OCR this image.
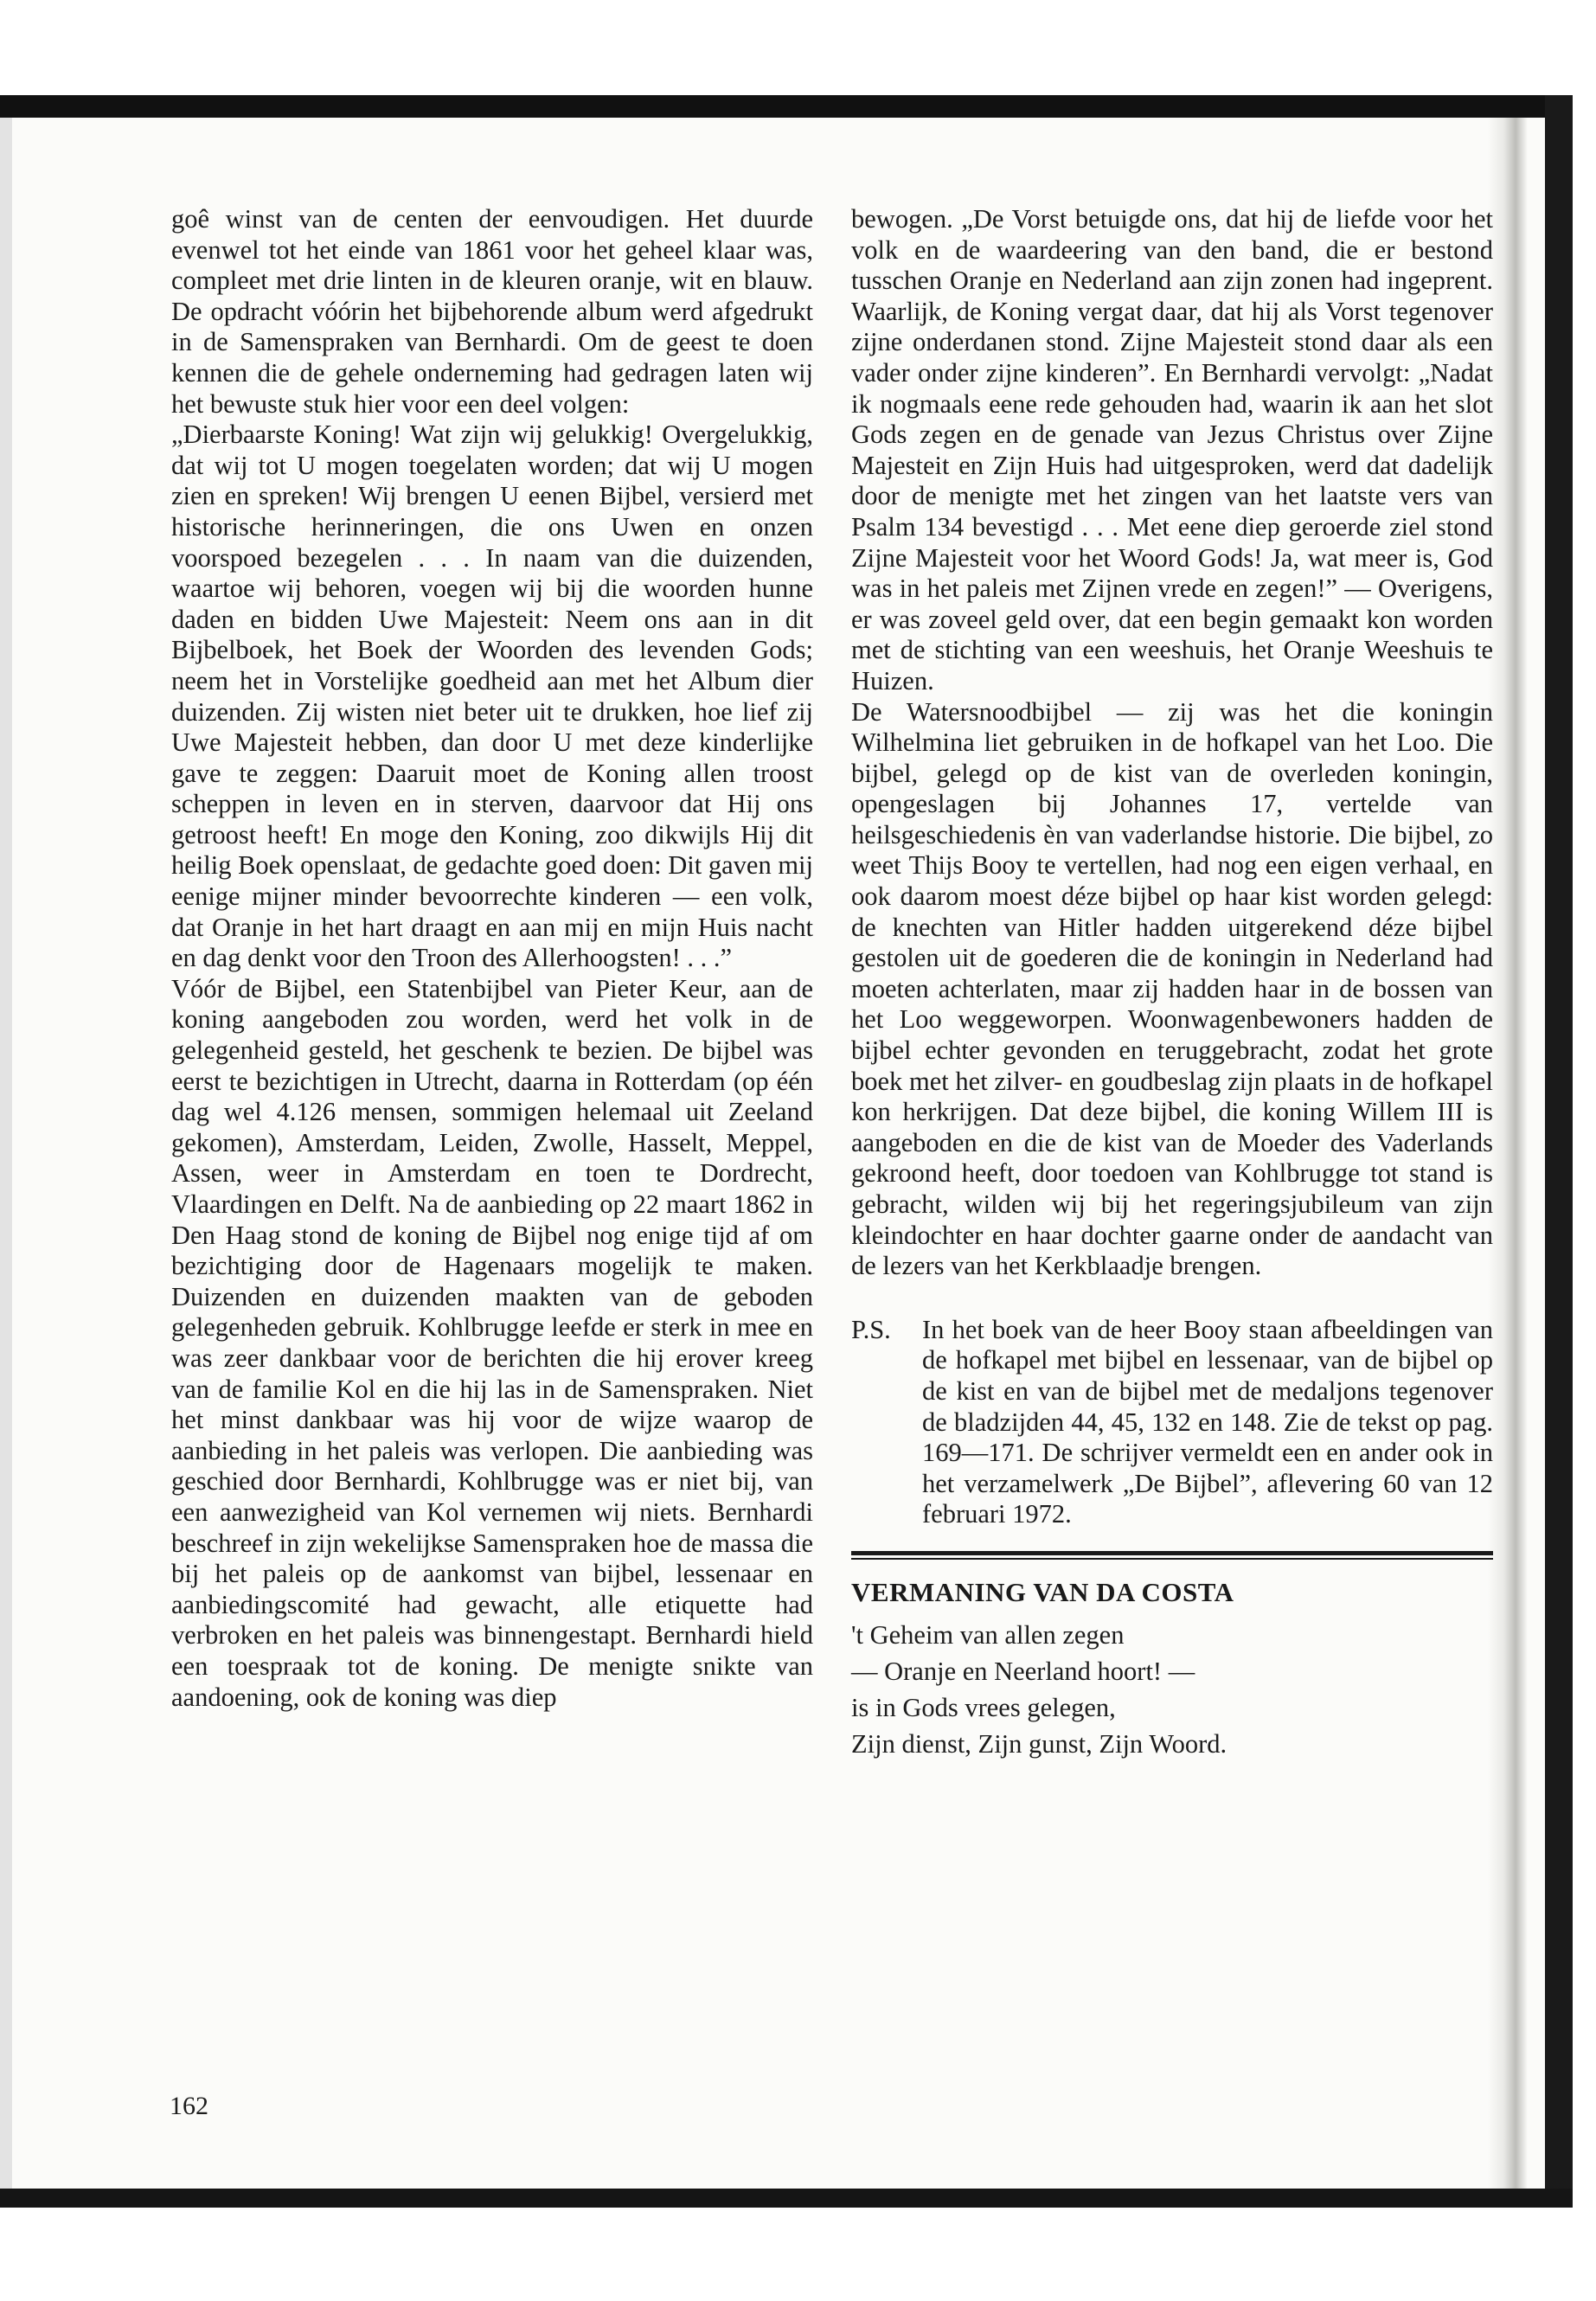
goê winst van de centen der eenvoudigen. Het duurde evenwel tot het einde van 1861 voor het geheel klaar was, compleet met drie linten in de kleuren oranje, wit en blauw. De opdracht vóórin het bijbehorende album werd afgedrukt in de Samenspraken van Bernhardi. Om de geest te doen kennen die de gehele onderneming had gedragen laten wij het bewuste stuk hier voor een deel volgen:

„Dierbaarste Koning! Wat zijn wij gelukkig! Overgelukkig, dat wij tot U mogen toegelaten worden; dat wij U mogen zien en spreken! Wij brengen U eenen Bijbel, versierd met historische herinneringen, die ons Uwen en onzen voorspoed bezegelen . . . In naam van die duizenden, waartoe wij behoren, voegen wij bij die woorden hunne daden en bidden Uwe Majesteit: Neem ons aan in dit Bijbelboek, het Boek der Woorden des levenden Gods; neem het in Vorstelijke goedheid aan met het Album dier duizenden. Zij wisten niet beter uit te drukken, hoe lief zij Uwe Majesteit hebben, dan door U met deze kinderlijke gave te zeggen: Daaruit moet de Koning allen troost scheppen in leven en in sterven, daarvoor dat Hij ons getroost heeft! En moge den Koning, zoo dikwijls Hij dit heilig Boek openslaat, de gedachte goed doen: Dit gaven mij eenige mijner minder bevoorrechte kinderen — een volk, dat Oranje in het hart draagt en aan mij en mijn Huis nacht en dag denkt voor den Troon des Allerhoogsten! . . .”

Vóór de Bijbel, een Statenbijbel van Pieter Keur, aan de koning aangeboden zou worden, werd het volk in de gelegenheid gesteld, het geschenk te bezien. De bijbel was eerst te bezichtigen in Utrecht, daarna in Rotterdam (op één dag wel 4.126 mensen, sommigen helemaal uit Zeeland gekomen), Amsterdam, Leiden, Zwolle, Hasselt, Meppel, Assen, weer in Amsterdam en toen te Dordrecht, Vlaardingen en Delft. Na de aanbieding op 22 maart 1862 in Den Haag stond de koning de Bijbel nog enige tijd af om bezichtiging door de Hagenaars mogelijk te maken. Duizenden en duizenden maakten van de geboden gelegenheden gebruik. Kohlbrugge leefde er sterk in mee en was zeer dankbaar voor de berichten die hij erover kreeg van de familie Kol en die hij las in de Samenspraken. Niet het minst dankbaar was hij voor de wijze waarop de aanbieding in het paleis was verlopen. Die aanbieding was geschied door Bernhardi, Kohlbrugge was er niet bij, van een aanwezigheid van Kol vernemen wij niets. Bernhardi beschreef in zijn wekelijkse Samenspraken hoe de massa die bij het paleis op de aankomst van bijbel, lessenaar en aanbiedingscomité had gewacht, alle etiquette had verbroken en het paleis was binnengestapt. Bernhardi hield een toespraak tot de koning. De menigte snikte van aandoening, ook de koning was diep

bewogen. „De Vorst betuigde ons, dat hij de liefde voor het volk en de waardeering van den band, die er bestond tusschen Oranje en Nederland aan zijn zonen had ingeprent. Waarlijk, de Koning vergat daar, dat hij als Vorst tegenover zijne onderdanen stond. Zijne Majesteit stond daar als een vader onder zijne kinderen”. En Bernhardi vervolgt: „Nadat ik nogmaals eene rede gehouden had, waarin ik aan het slot Gods zegen en de genade van Jezus Christus over Zijne Majesteit en Zijn Huis had uitgesproken, werd dat dadelijk door de menigte met het zingen van het laatste vers van Psalm 134 bevestigd . . . Met eene diep geroerde ziel stond Zijne Majesteit voor het Woord Gods! Ja, wat meer is, God was in het paleis met Zijnen vrede en zegen!” — Overigens, er was zoveel geld over, dat een begin gemaakt kon worden met de stichting van een weeshuis, het Oranje Weeshuis te Huizen.

De Watersnoodbijbel — zij was het die koningin Wilhelmina liet gebruiken in de hofkapel van het Loo. Die bijbel, gelegd op de kist van de overleden koningin, opengeslagen bij Johannes 17, vertelde van heilsgeschiedenis èn van vaderlandse historie. Die bijbel, zo weet Thijs Booy te vertellen, had nog een eigen verhaal, en ook daarom moest déze bijbel op haar kist worden gelegd: de knechten van Hitler hadden uitgerekend déze bijbel gestolen uit de goederen die de koningin in Nederland had moeten achterlaten, maar zij hadden haar in de bossen van het Loo weggeworpen. Woonwagenbewoners hadden de bijbel echter gevonden en teruggebracht, zodat het grote boek met het zilver- en goudbeslag zijn plaats in de hofkapel kon herkrijgen. Dat deze bijbel, die koning Willem III is aangeboden en die de kist van de Moeder des Vaderlands gekroond heeft, door toedoen van Kohlbrugge tot stand is gebracht, wilden wij bij het regeringsjubileum van zijn kleindochter en haar dochter gaarne onder de aandacht van de lezers van het Kerkblaadje brengen.

P.S.	In het boek van de heer Booy staan afbeeldingen van de hofkapel met bijbel en lessenaar, van de bijbel op de kist en van de bijbel met de medaljons tegenover de bladzijden 44, 45, 132 en 148. Zie de tekst op pag. 169—171. De schrijver vermeldt een en ander ook in het verzamelwerk „De Bijbel”, aflevering 60 van 12 februari 1972.
VERMANING VAN DA COSTA
't Geheim van allen zegen
— Oranje en Neerland hoort! —
is in Gods vrees gelegen,
Zijn dienst, Zijn gunst, Zijn Woord.
162
